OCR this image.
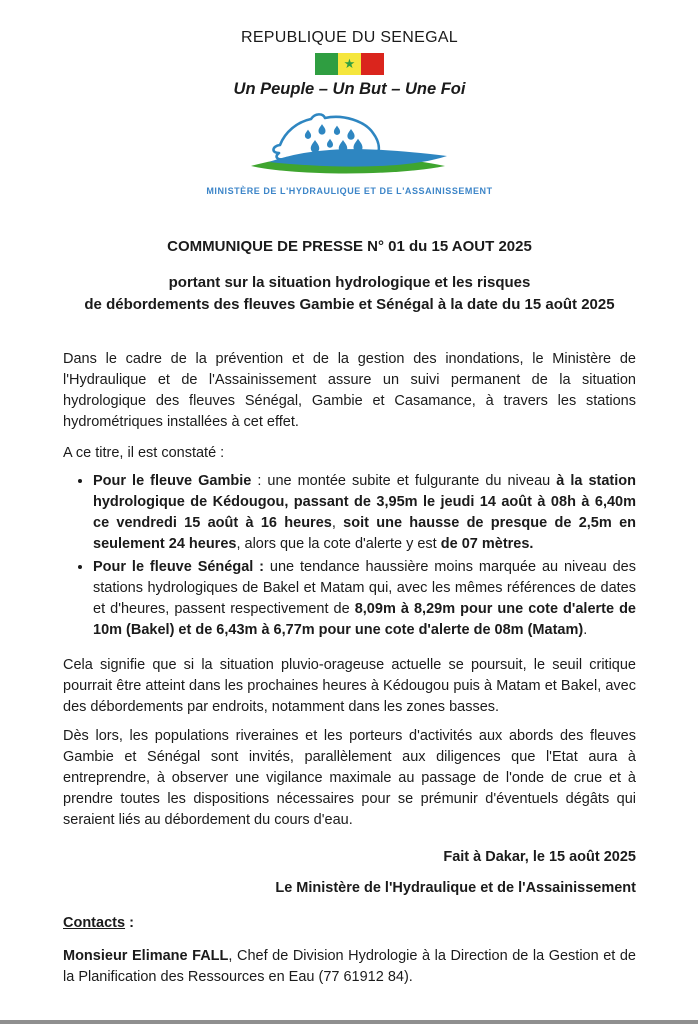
REPUBLIQUE DU SENEGAL
★
Un Peuple – Un But – Une Foi
MINISTÈRE DE L'HYDRAULIQUE ET DE L'ASSAINISSEMENT
COMMUNIQUE DE PRESSE N° 01 du 15 AOUT 2025
portant sur la situation hydrologique et les risques
de débordements des fleuves Gambie et Sénégal à la date du 15 août 2025

Dans le cadre de la prévention et de la gestion des inondations, le Ministère de l'Hydraulique et de l'Assainissement assure un suivi permanent de la situation hydrologique des fleuves Sénégal, Gambie et Casamance, à travers les stations hydrométriques installées à cet effet.

A ce titre, il est constaté :

• Pour le fleuve Gambie : une montée subite et fulgurante du niveau à la station hydrologique de Kédougou, passant de 3,95m le jeudi 14 août à 08h à 6,40m ce vendredi 15 août à 16 heures, soit une hausse de presque de 2,5m en seulement 24 heures, alors que la cote d'alerte y est de 07 mètres.
• Pour le fleuve Sénégal : une tendance haussière moins marquée au niveau des stations hydrologiques de Bakel et Matam qui, avec les mêmes références de dates et d'heures, passent respectivement de 8,09m à 8,29m pour une cote d'alerte de 10m (Bakel) et de 6,43m à 6,77m pour une cote d'alerte de 08m (Matam).

Cela signifie que si la situation pluvio-orageuse actuelle se poursuit, le seuil critique pourrait être atteint dans les prochaines heures à Kédougou puis à Matam et Bakel, avec des débordements par endroits, notamment dans les zones basses.

Dès lors, les populations riveraines et les porteurs d'activités aux abords des fleuves Gambie et Sénégal sont invités, parallèlement aux diligences que l'Etat aura à entreprendre, à observer une vigilance maximale au passage de l'onde de crue et à prendre toutes les dispositions nécessaires pour se prémunir d'éventuels dégâts qui seraient liés au débordement du cours d'eau.

Fait à Dakar, le 15 août 2025

Le Ministère de l'Hydraulique et de l'Assainissement

Contacts :

Monsieur Elimane FALL, Chef de Division Hydrologie à la Direction de la Gestion et de la Planification des Ressources en Eau (77 61912 84).
